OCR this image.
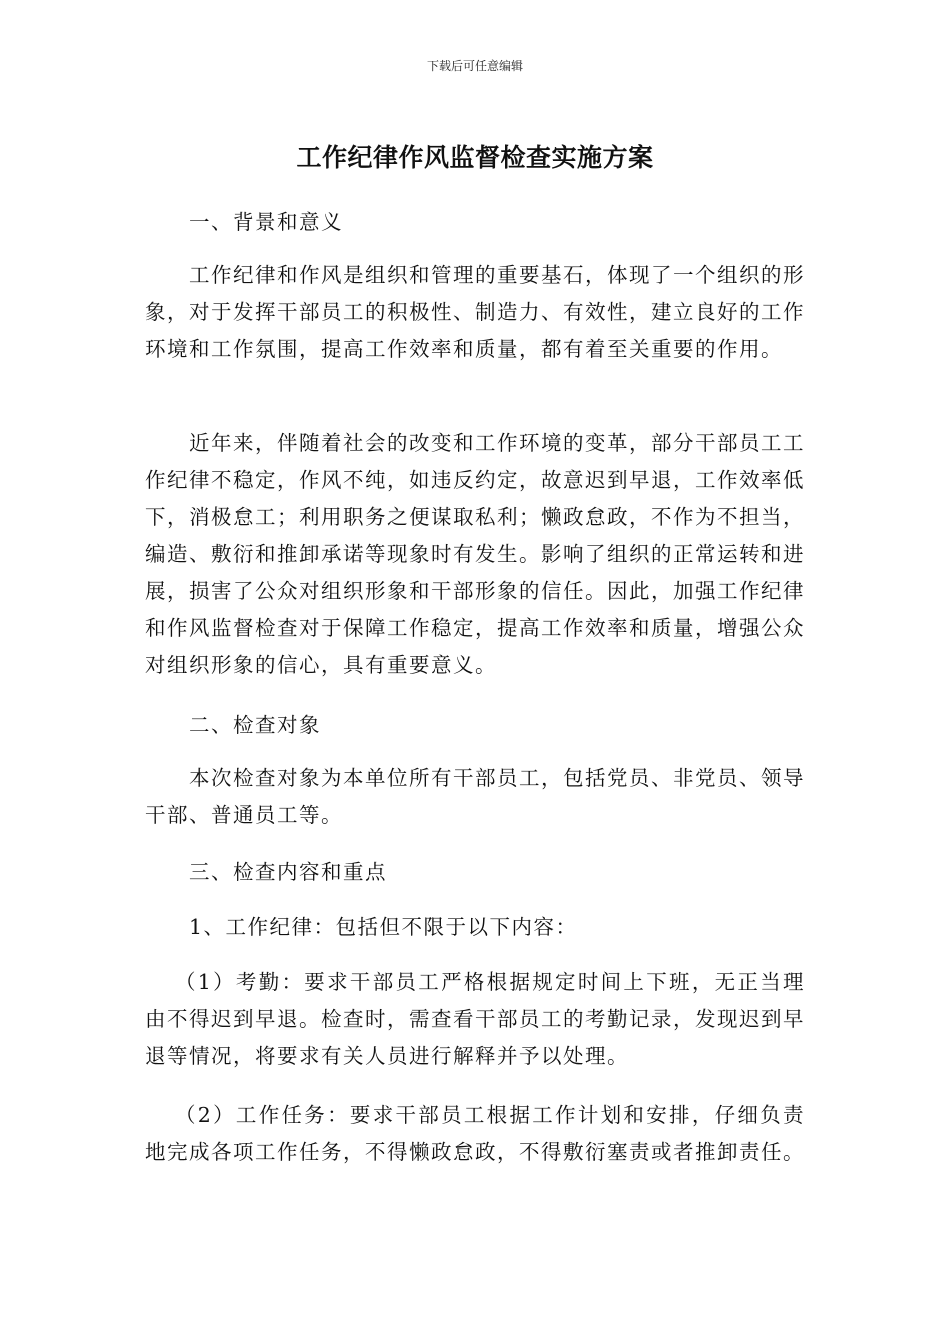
下载后可任意编辑
工作纪律作风监督检查实施方案
一、背景和意义
工作纪律和作风是组织和管理的重要基石，体现了一个组织的形象，对于发挥干部员工的积极性、制造力、有效性，建立良好的工作环境和工作氛围，提高工作效率和质量，都有着至关重要的作用。
近年来，伴随着社会的改变和工作环境的变革，部分干部员工工作纪律不稳定，作风不纯，如违反约定，故意迟到早退，工作效率低下，消极怠工；利用职务之便谋取私利；懒政怠政，不作为不担当，编造、敷衍和推卸承诺等现象时有发生。影响了组织的正常运转和进展，损害了公众对组织形象和干部形象的信任。因此，加强工作纪律和作风监督检查对于保障工作稳定，提高工作效率和质量，增强公众对组织形象的信心，具有重要意义。
二、检查对象
本次检查对象为本单位所有干部员工，包括党员、非党员、领导干部、普通员工等。
三、检查内容和重点
1、工作纪律：包括但不限于以下内容：
（1）考勤：要求干部员工严格根据规定时间上下班，无正当理由不得迟到早退。检查时，需查看干部员工的考勤记录，发现迟到早退等情况，将要求有关人员进行解释并予以处理。
（2）工作任务：要求干部员工根据工作计划和安排，仔细负责地完成各项工作任务，不得懒政怠政，不得敷衍塞责或者推卸责任。
